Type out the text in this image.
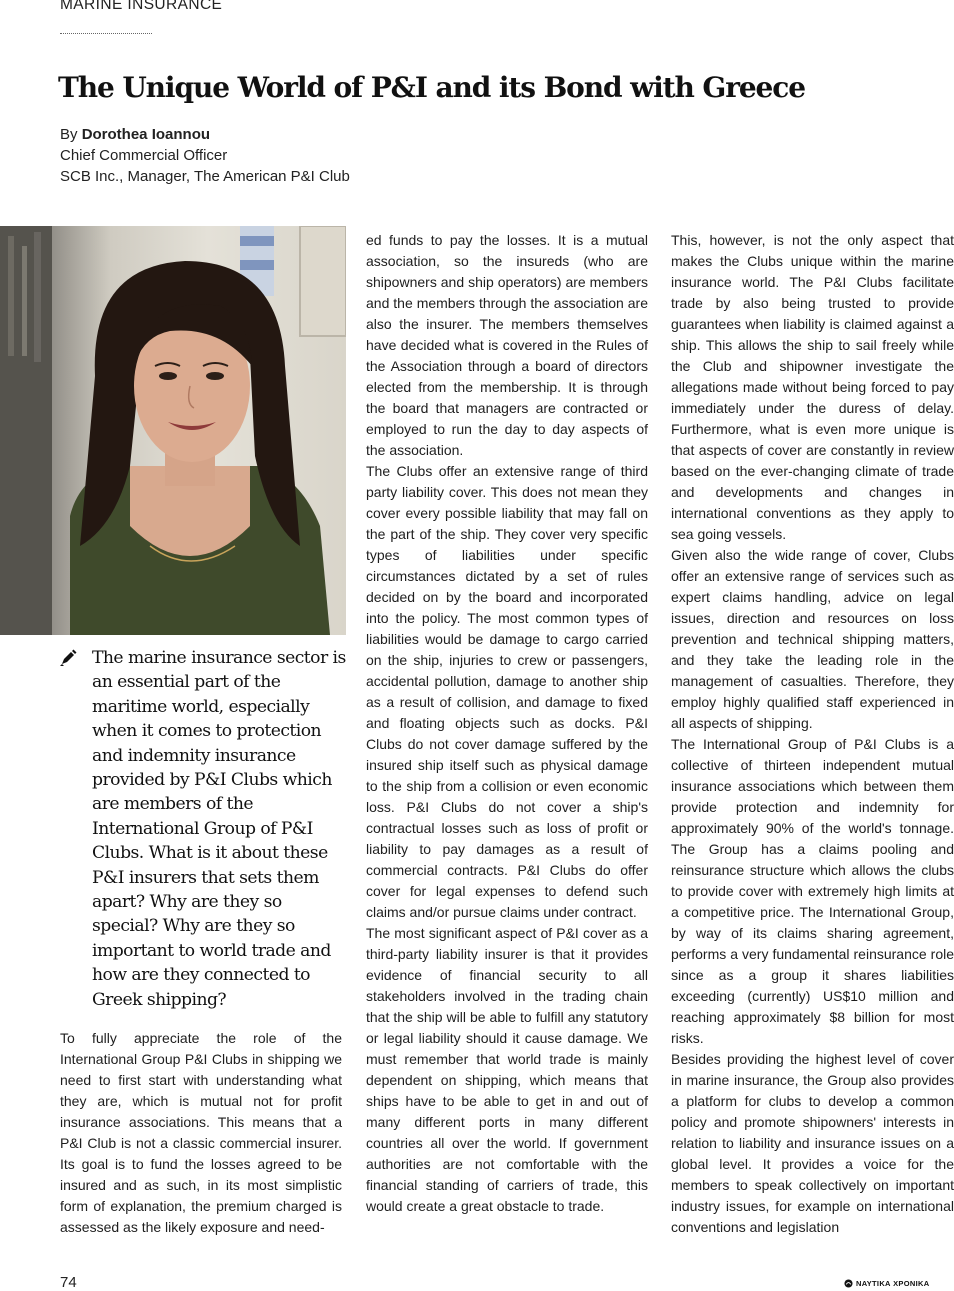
MARINE INSURANCE
The Unique World of P&I and its Bond with Greece
By Dorothea Ioannou
Chief Commercial Officer
SCB Inc., Manager, The American P&I Club

The marine insurance sector is an essential part of the maritime world, especially when it comes to protection and indemnity insurance provided by P&I Clubs which are members of the International Group of P&I Clubs. What is it about these P&I insurers that sets them apart? Why are they so special? Why are they so important to world trade and how are they connected to Greek shipping?

To fully appreciate the role of the International Group P&I Clubs in shipping we need to first start with understanding what they are, which is mutual not for profit insurance associations. This means that a P&I Club is not a classic commercial insurer. Its goal is to fund the losses agreed to be insured and as such, in its most simplistic form of explanation, the premium charged is assessed as the likely exposure and need-

ed funds to pay the losses. It is a mutual association, so the insureds (who are shipowners and ship operators) are members and the members through the association are also the insurer. The members themselves have decided what is covered in the Rules of the Association through a board of directors elected from the membership. It is through the board that managers are contracted or employed to run the day to day aspects of the association.

The Clubs offer an extensive range of third party liability cover. This does not mean they cover every possible liability that may fall on the part of the ship. They cover very specific types of liabilities under specific circumstances dictated by a set of rules decided on by the board and incorporated into the policy. The most common types of liabilities would be damage to cargo carried on the ship, injuries to crew or passengers, accidental pollution, damage to another ship as a result of collision, and damage to fixed and floating objects such as docks. P&I Clubs do not cover damage suffered by the insured ship itself such as physical damage to the ship from a collision or even economic loss. P&I Clubs do not cover a ship's contractual losses such as loss of profit or liability to pay damages as a result of commercial contracts. P&I Clubs do offer cover for legal expenses to defend such claims and/or pursue claims under contract.

The most significant aspect of P&I cover as a third-party liability insurer is that it provides evidence of financial security to all stakeholders involved in the trading chain that the ship will be able to fulfill any statutory or legal liability should it cause damage. We must remember that world trade is mainly dependent on shipping, which means that ships have to be able to get in and out of many different ports in many different countries all over the world. If government authorities are not comfortable with the financial standing of carriers of trade, this would create a great obstacle to trade.

This, however, is not the only aspect that makes the Clubs unique within the marine insurance world. The P&I Clubs facilitate trade by also being trusted to provide guarantees when liability is claimed against a ship. This allows the ship to sail freely while the Club and shipowner investigate the allegations made without being forced to pay immediately under the duress of delay. Furthermore, what is even more unique is that aspects of cover are constantly in review based on the ever-changing climate of trade and developments and changes in international conventions as they apply to sea going vessels.

Given also the wide range of cover, Clubs offer an extensive range of services such as expert claims handling, advice on legal issues, direction and resources on loss prevention and technical shipping matters, and they take the leading role in the management of casualties. Therefore, they employ highly qualified staff experienced in all aspects of shipping.

The International Group of P&I Clubs is a collective of thirteen independent mutual insurance associations which between them provide protection and indemnity for approximately 90% of the world's tonnage. The Group has a claims pooling and reinsurance structure which allows the clubs to provide cover with extremely high limits at a competitive price. The International Group, by way of its claims sharing agreement, performs a very fundamental reinsurance role since as a group it shares liabilities exceeding (currently) US$10 million and reaching approximately $8 billion for most risks.

Besides providing the highest level of cover in marine insurance, the Group also provides a platform for clubs to develop a common policy and promote shipowners' interests in relation to liability and insurance issues on a global level. It provides a voice for the members to speak collectively on important industry issues, for example on international conventions and legislation

74	ΝΑΥΤΙΚΑ ΧΡΟΝΙΚΑ
